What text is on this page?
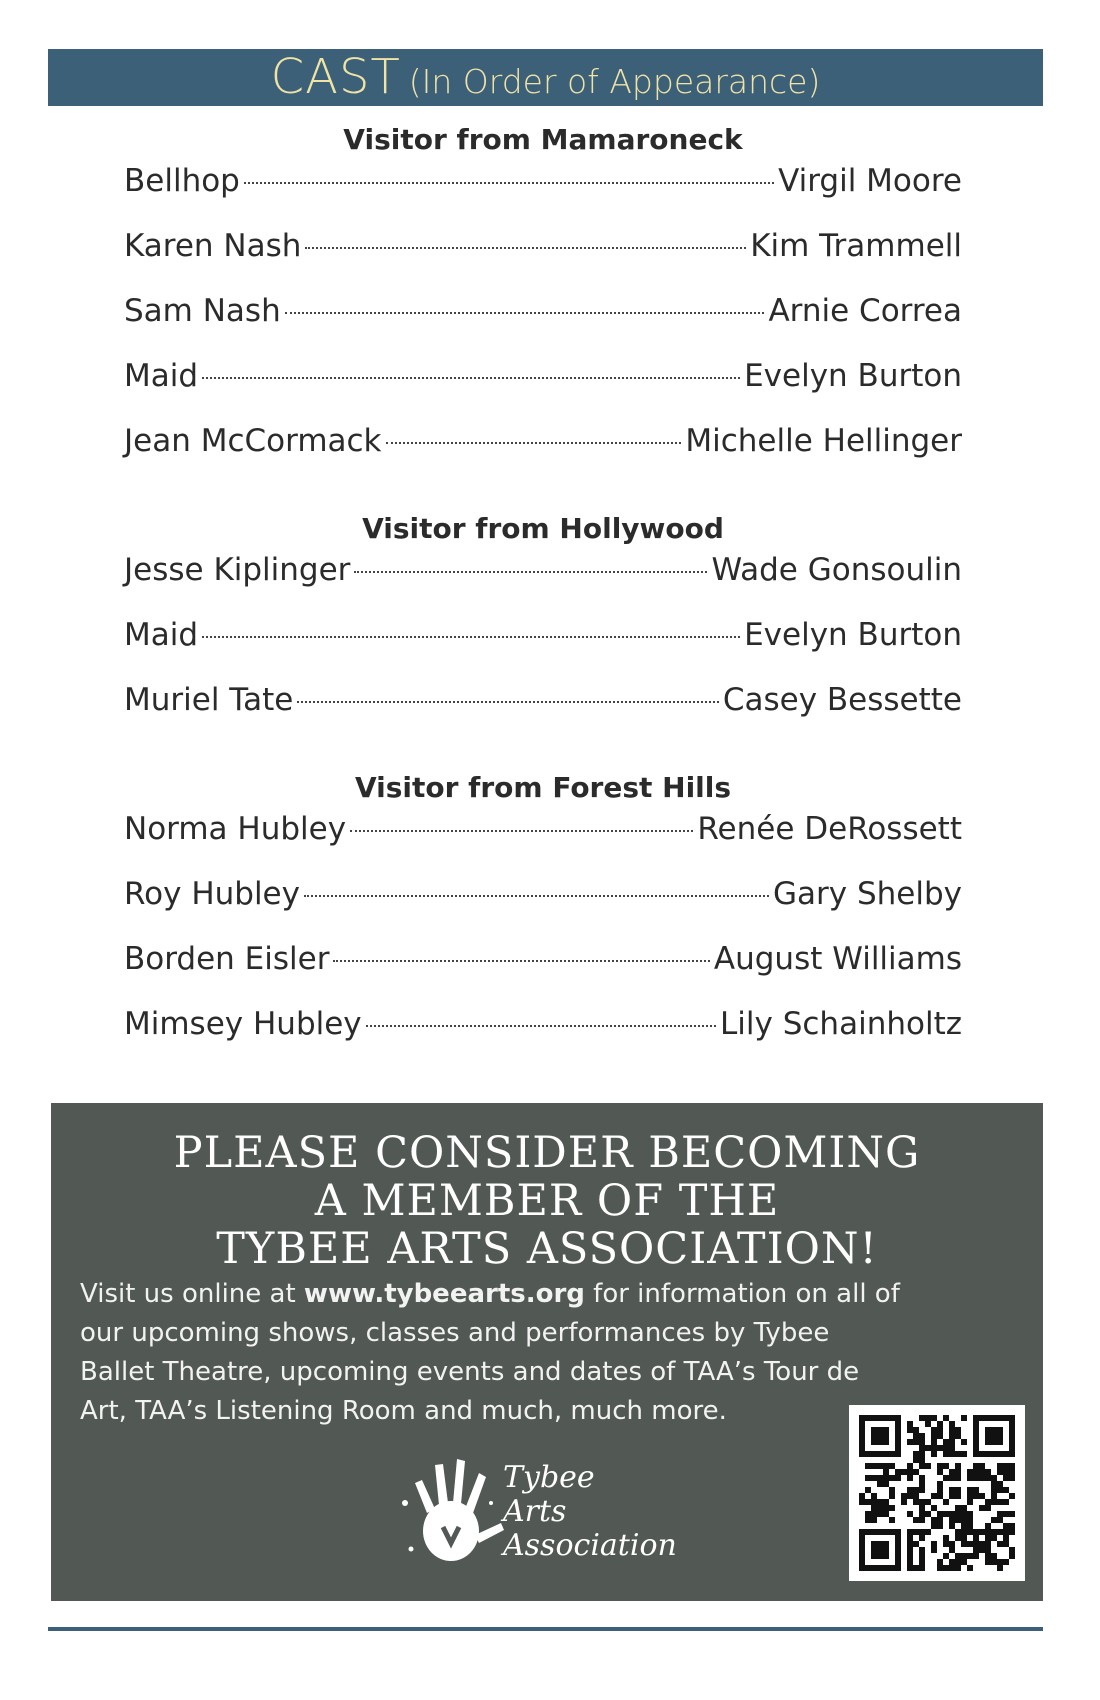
CAST (In Order of Appearance)
Visitor from Mamaroneck
Bellhop	Virgil Moore
Karen Nash	Kim Trammell
Sam Nash	Arnie Correa
Maid	Evelyn Burton
Jean McCormack	Michelle Hellinger
Visitor from Hollywood
Jesse Kiplinger	Wade Gonsoulin
Maid	Evelyn Burton
Muriel Tate	Casey Bessette
Visitor from Forest Hills
Norma Hubley	Renée DeRossett
Roy Hubley	Gary Shelby
Borden Eisler	August Williams
Mimsey Hubley	Lily Schainholtz
PLEASE CONSIDER BECOMING
A MEMBER OF THE
TYBEE ARTS ASSOCIATION!
Visit us online at www.tybeearts.org for information on all of our upcoming shows, classes and performances by Tybee Ballet Theatre, upcoming events and dates of TAA’s Tour de Art, TAA’s Listening Room and much, much more.
Tybee
Arts
Association
